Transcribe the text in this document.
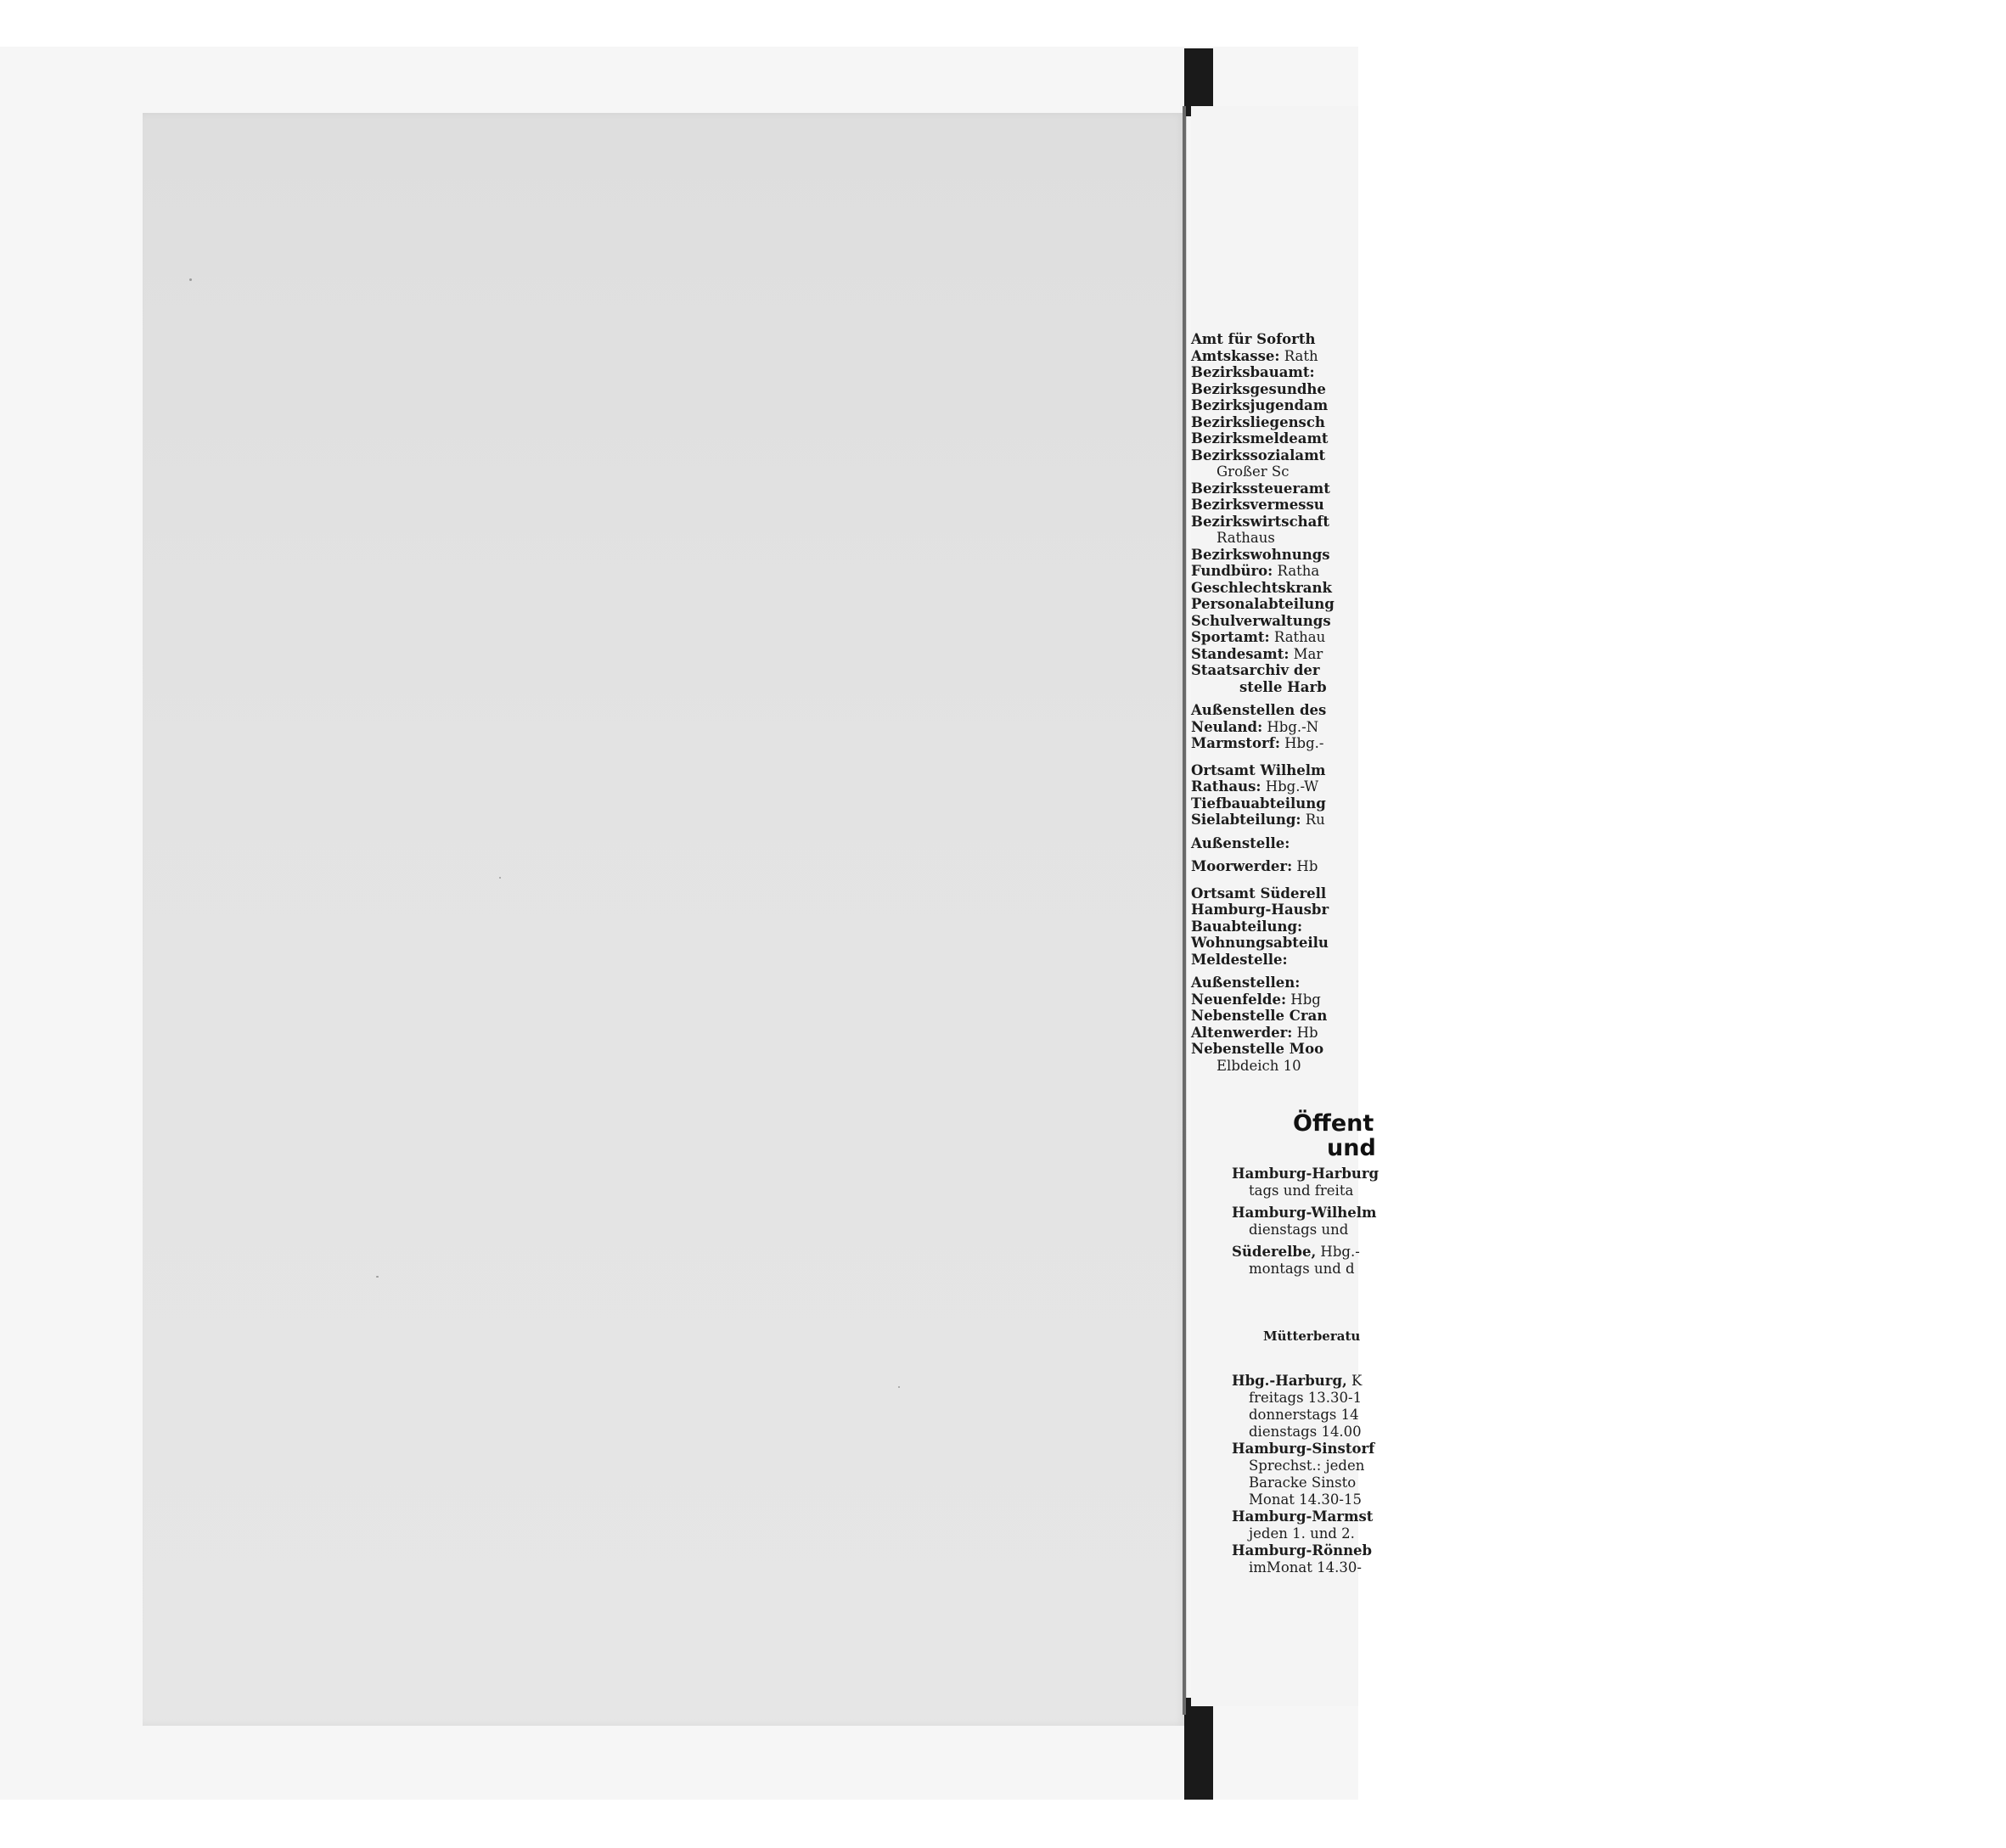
Amt für Soforth
Amtskasse: Rath
Bezirksbauamt:
Bezirksgesundhe
Bezirksjugendam
Bezirksliegensch
Bezirksmeldeamt
Bezirkssozialamt
Großer Sc
Bezirkssteueramt
Bezirksvermessu
Bezirkswirtschaft
Rathaus
Bezirkswohnungs
Fundbüro: Ratha
Geschlechtskrank
Personalabteilung
Schulverwaltungs
Sportamt: Rathau
Standesamt: Mar
Staatsarchiv der
stelle Harb
Außenstellen des
Neuland: Hbg.-N
Marmstorf: Hbg.-
Ortsamt Wilhelm
Rathaus: Hbg.-W
Tiefbauabteilung
Sielabteilung: Ru
Außenstelle:
Moorwerder: Hb
Ortsamt Süderell
Hamburg-Hausbr
Bauabteilung:
Wohnungsabteilu
Meldestelle:
Außenstellen:
Neuenfelde: Hbg
Nebenstelle Cran
Altenwerder: Hb
Nebenstelle Moo
Elbdeich 10
Öffent
und
Hamburg-Harburg
tags und freita
Hamburg-Wilhelm
dienstags und
Süderelbe, Hbg.-
montags und d
Mütterberatu
Hbg.-Harburg, K
freitags 13.30-1
donnerstags 14
dienstags 14.00
Hamburg-Sinstorf
Sprechst.: jeden
Baracke Sinsto
Monat 14.30-15
Hamburg-Marmst
jeden 1. und 2.
Hamburg-Rönneb
imMonat 14.30-
